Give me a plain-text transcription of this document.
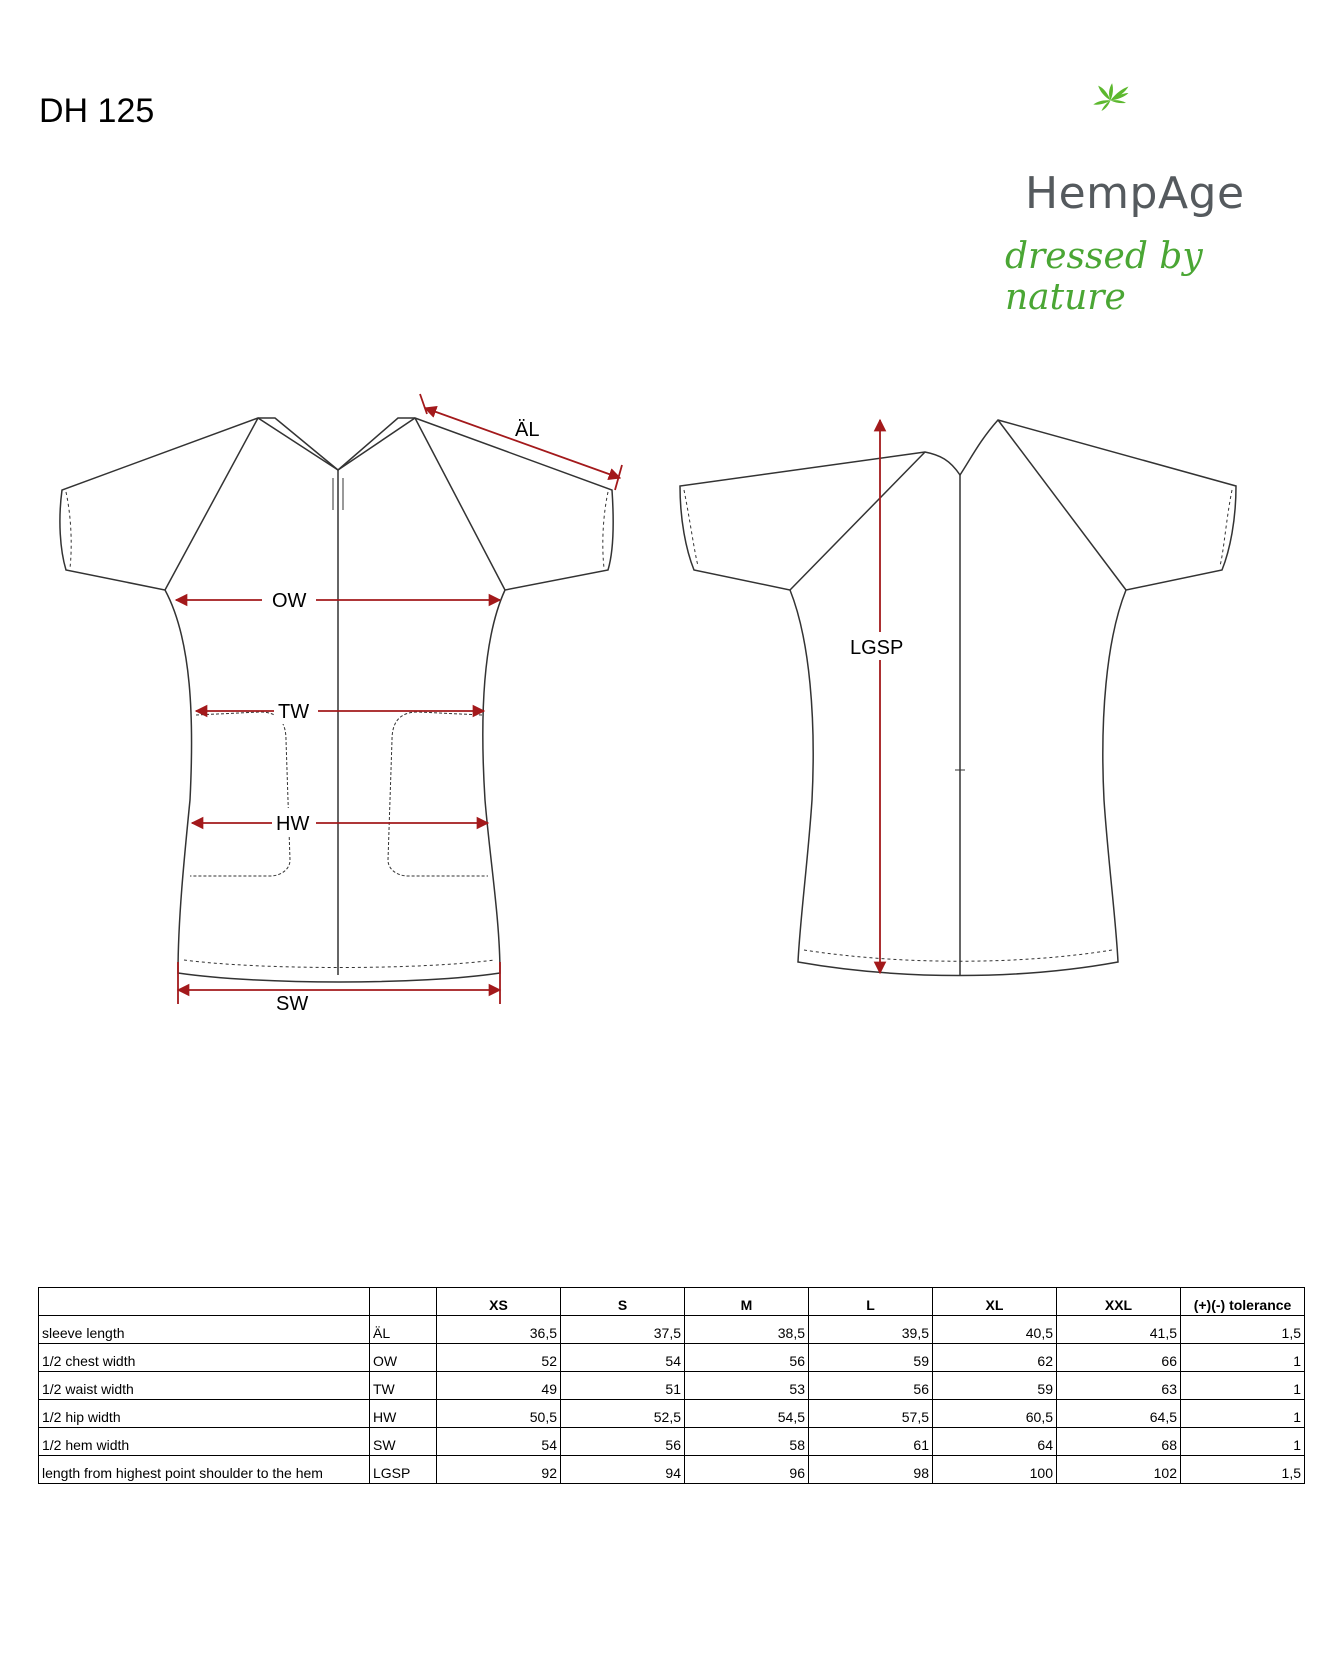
DH 125
HempAge
dressed by nature
ÄL
OW
TW
HW
SW
LGSP
		XS	S	M	L	XL	XXL	(+)(-) tolerance
sleeve length	ÄL	36,5	37,5	38,5	39,5	40,5	41,5	1,5
1/2 chest width	OW	52	54	56	59	62	66	1
1/2 waist width	TW	49	51	53	56	59	63	1
1/2 hip width	HW	50,5	52,5	54,5	57,5	60,5	64,5	1
1/2 hem width	SW	54	56	58	61	64	68	1
length from highest point shoulder to the hem	LGSP	92	94	96	98	100	102	1,5
